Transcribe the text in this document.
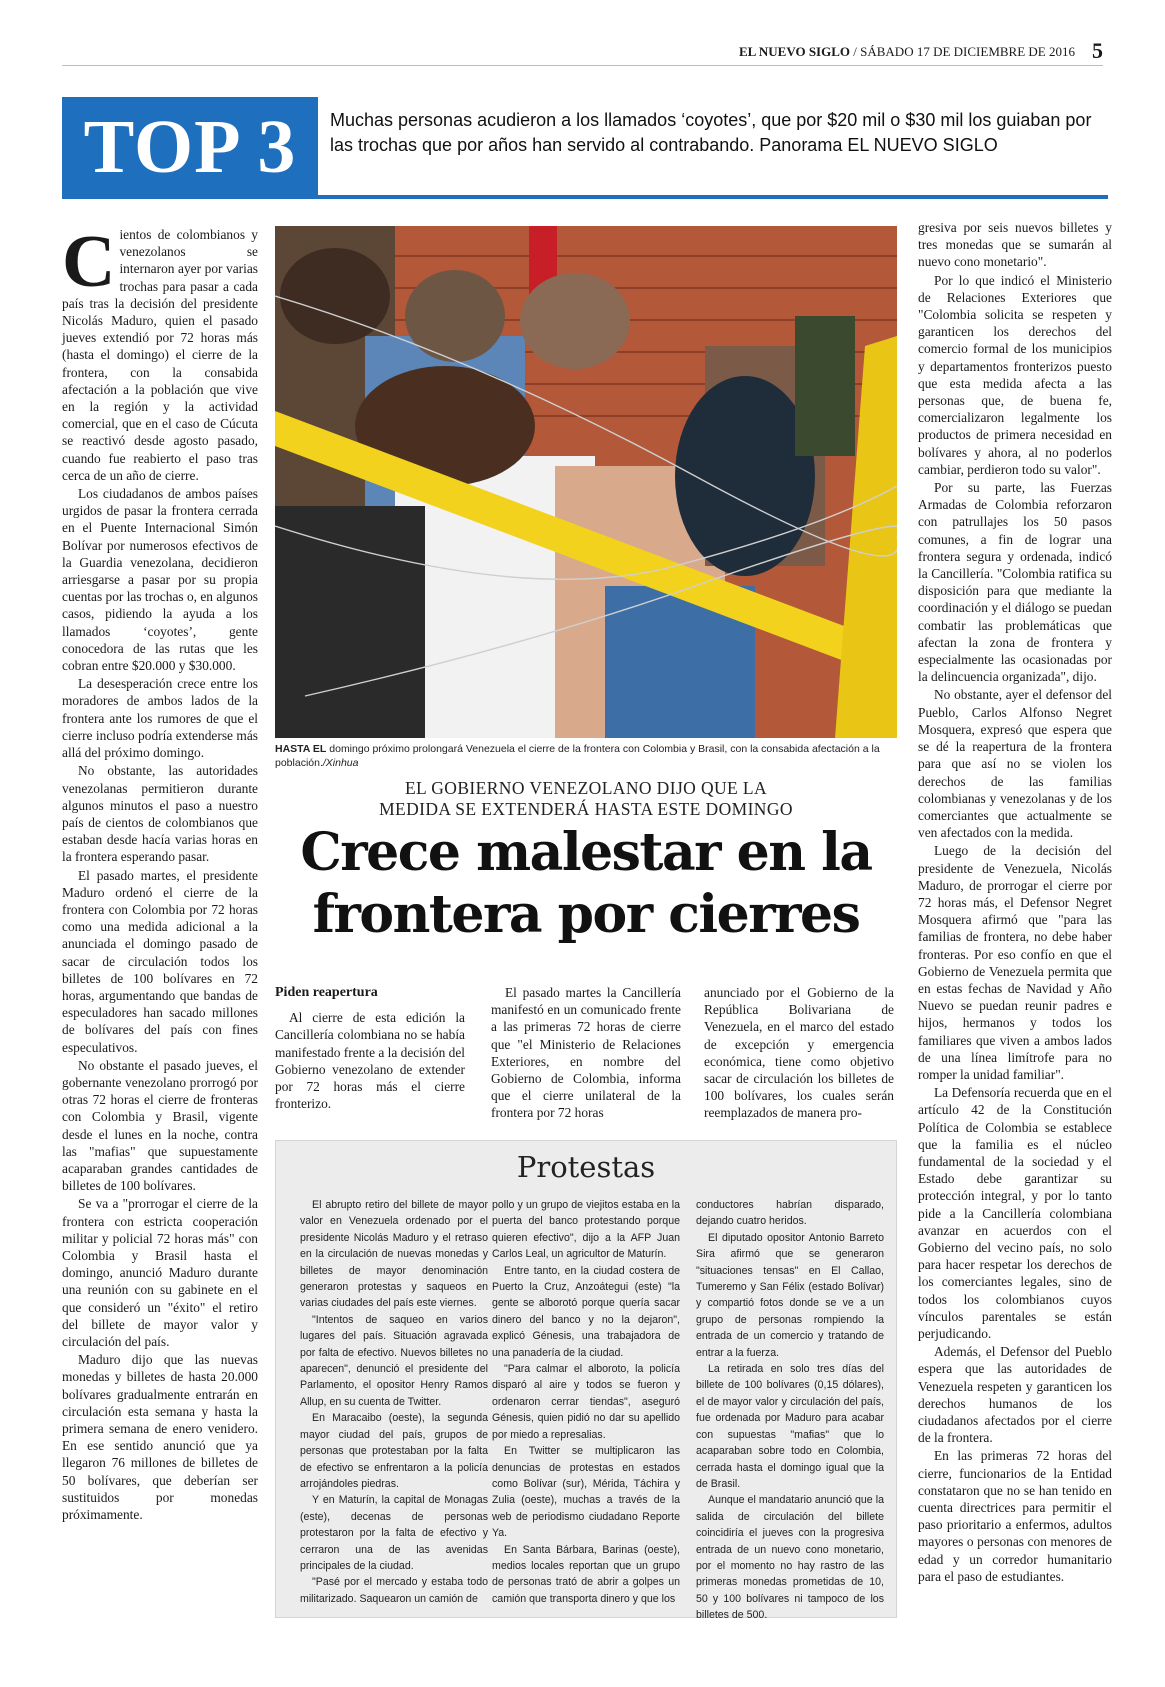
EL NUEVO SIGLO / SÁBADO 17 DE DICIEMBRE DE 2016 5
TOP 3	Muchas personas acudieron a los llamados ‘coyotes’, que por $20 mil o $30 mil los guiaban por las trochas que por años han servido al contrabando. Panorama EL NUEVO SIGLO

Cientos de colombianos y venezolanos se internaron ayer por varias trochas para pasar a cada país tras la decisión del presidente Nicolás Maduro, quien el pasado jueves extendió por 72 horas más (hasta el domingo) el cierre de la frontera, con la consabida afectación a la población que vive en la región y la actividad comercial, que en el caso de Cúcuta se reactivó desde agosto pasado, cuando fue reabierto el paso tras cerca de un año de cierre.

Los ciudadanos de ambos países urgidos de pasar la frontera cerrada en el Puente Internacional Simón Bolívar por numerosos efectivos de la Guardia venezolana, decidieron arriesgarse a pasar por su propia cuentas por las trochas o, en algunos casos, pidiendo la ayuda a los llamados ‘coyotes’, gente conocedora de las rutas que les cobran entre $20.000 y $30.000.

La desesperación crece entre los moradores de ambos lados de la frontera ante los rumores de que el cierre incluso podría extenderse más allá del próximo domingo.

No obstante, las autoridades venezolanas permitieron durante algunos minutos el paso a nuestro país de cientos de colombianos que estaban desde hacía varias horas en la frontera esperando pasar.

El pasado martes, el presidente Maduro ordenó el cierre de la frontera con Colombia por 72 horas como una medida adicional a la anunciada el domingo pasado de sacar de circulación todos los billetes de 100 bolívares en 72 horas, argumentando que bandas de especuladores han sacado millones de bolívares del país con fines especulativos.

No obstante el pasado jueves, el gobernante venezolano prorrogó por otras 72 horas el cierre de fronteras con Colombia y Brasil, vigente desde el lunes en la noche, contra las "mafias" que supuestamente acaparaban grandes cantidades de billetes de 100 bolívares.

Se va a "prorrogar el cierre de la frontera con estricta cooperación militar y policial 72 horas más" con Colombia y Brasil hasta el domingo, anunció Maduro durante una reunión con su gabinete en el que consideró un "éxito" el retiro del billete de mayor valor y circulación del país.

Maduro dijo que las nuevas monedas y billetes de hasta 20.000 bolívares gradualmente entrarán en circulación esta semana y hasta la primera semana de enero venidero. En ese sentido anunció que ya llegaron 76 millones de billetes de 50 bolívares, que deberían ser sustituidos por monedas próximamente.

HASTA EL domingo próximo prolongará Venezuela el cierre de la frontera con Colombia y Brasil, con la consabida afectación a la población./Xinhua
EL GOBIERNO VENEZOLANO DIJO QUE LA
MEDIDA SE EXTENDERÁ HASTA ESTE DOMINGO
Crece malestar en la
frontera por cierres

Piden reapertura

Al cierre de esta edición la Cancillería colombiana no se había manifestado frente a la decisión del Gobierno venezolano de extender por 72 horas más el cierre fronterizo.

El pasado martes la Cancillería manifestó en un comunicado frente a las primeras 72 horas de cierre que "el Ministerio de Relaciones Exteriores, en nombre del Gobierno de Colombia, informa que el cierre unilateral de la frontera por 72 horas

anunciado por el Gobierno de la República Bolivariana de Venezuela, en el marco del estado de excepción y emergencia económica, tiene como objetivo sacar de circulación los billetes de 100 bolívares, los cuales serán reemplazados de manera pro-

Protestas

El abrupto retiro del billete de mayor valor en Venezuela ordenado por el presidente Nicolás Maduro y el retraso en la circulación de nuevas monedas y billetes de mayor denominación generaron protestas y saqueos en varias ciudades del país este viernes.

"Intentos de saqueo en varios lugares del país. Situación agravada por falta de efectivo. Nuevos billetes no aparecen", denunció el presidente del Parlamento, el opositor Henry Ramos Allup, en su cuenta de Twitter.

En Maracaibo (oeste), la segunda mayor ciudad del país, grupos de personas que protestaban por la falta de efectivo se enfrentaron a la policía arrojándoles piedras.

Y en Maturín, la capital de Monagas (este), decenas de personas protestaron por la falta de efectivo y cerraron una de las avenidas principales de la ciudad.

"Pasé por el mercado y estaba todo militarizado. Saquearon un camión de

pollo y un grupo de viejitos estaba en la puerta del banco protestando porque quieren efectivo", dijo a la AFP Juan Carlos Leal, un agricultor de Maturín.

Entre tanto, en la ciudad costera de Puerto la Cruz, Anzoátegui (este) "la gente se alborotó porque quería sacar dinero del banco y no la dejaron", explicó Génesis, una trabajadora de una panadería de la ciudad.

"Para calmar el alboroto, la policía disparó al aire y todos se fueron y ordenaron cerrar tiendas", aseguró Génesis, quien pidió no dar su apellido por miedo a represalias.

En Twitter se multiplicaron las denuncias de protestas en estados como Bolívar (sur), Mérida, Táchira y Zulia (oeste), muchas a través de la web de periodismo ciudadano Reporte Ya.

En Santa Bárbara, Barinas (oeste), medios locales reportan que un grupo de personas trató de abrir a golpes un camión que transporta dinero y que los

conductores habrían disparado, dejando cuatro heridos.

El diputado opositor Antonio Barreto Sira afirmó que se generaron "situaciones tensas" en El Callao, Tumeremo y San Félix (estado Bolívar) y compartió fotos donde se ve a un grupo de personas rompiendo la entrada de un comercio y tratando de entrar a la fuerza.

La retirada en solo tres días del billete de 100 bolívares (0,15 dólares), el de mayor valor y circulación del país, fue ordenada por Maduro para acabar con supuestas "mafias" que lo acaparaban sobre todo en Colombia, cerrada hasta el domingo igual que la de Brasil.

Aunque el mandatario anunció que la salida de circulación del billete coincidiría el jueves con la progresiva entrada de un nuevo cono monetario, por el momento no hay rastro de las primeras monedas prometidas de 10, 50 y 100 bolívares ni tampoco de los billetes de 500.

gresiva por seis nuevos billetes y tres monedas que se sumarán al nuevo cono monetario".

Por lo que indicó el Ministerio de Relaciones Exteriores que "Colombia solicita se respeten y garanticen los derechos del comercio formal de los municipios y departamentos fronterizos puesto que esta medida afecta a las personas que, de buena fe, comercializaron legalmente los productos de primera necesidad en bolívares y ahora, al no poderlos cambiar, perdieron todo su valor".

Por su parte, las Fuerzas Armadas de Colombia reforzaron con patrullajes los 50 pasos comunes, a fin de lograr una frontera segura y ordenada, indicó la Cancillería. "Colombia ratifica su disposición para que mediante la coordinación y el diálogo se puedan combatir las problemáticas que afectan la zona de frontera y especialmente las ocasionadas por la delincuencia organizada", dijo.

No obstante, ayer el defensor del Pueblo, Carlos Alfonso Negret Mosquera, expresó que espera que se dé la reapertura de la frontera para que así no se violen los derechos de las familias colombianas y venezolanas y de los comerciantes que actualmente se ven afectados con la medida.

Luego de la decisión del presidente de Venezuela, Nicolás Maduro, de prorrogar el cierre por 72 horas más, el Defensor Negret Mosquera afirmó que "para las familias de frontera, no debe haber fronteras. Por eso confío en que el Gobierno de Venezuela permita que en estas fechas de Navidad y Año Nuevo se puedan reunir padres e hijos, hermanos y todos los familiares que viven a ambos lados de una línea limítrofe para no romper la unidad familiar".

La Defensoría recuerda que en el artículo 42 de la Constitución Política de Colombia se establece que la familia es el núcleo fundamental de la sociedad y el Estado debe garantizar su protección integral, y por lo tanto pide a la Cancillería colombiana avanzar en acuerdos con el Gobierno del vecino país, no solo para hacer respetar los derechos de los comerciantes legales, sino de todos los colombianos cuyos vínculos parentales se están perjudicando.

Además, el Defensor del Pueblo espera que las autoridades de Venezuela respeten y garanticen los derechos humanos de los ciudadanos afectados por el cierre de la frontera.

En las primeras 72 horas del cierre, funcionarios de la Entidad constataron que no se han tenido en cuenta directrices para permitir el paso prioritario a enfermos, adultos mayores o personas con menores de edad y un corredor humanitario para el paso de estudiantes.
